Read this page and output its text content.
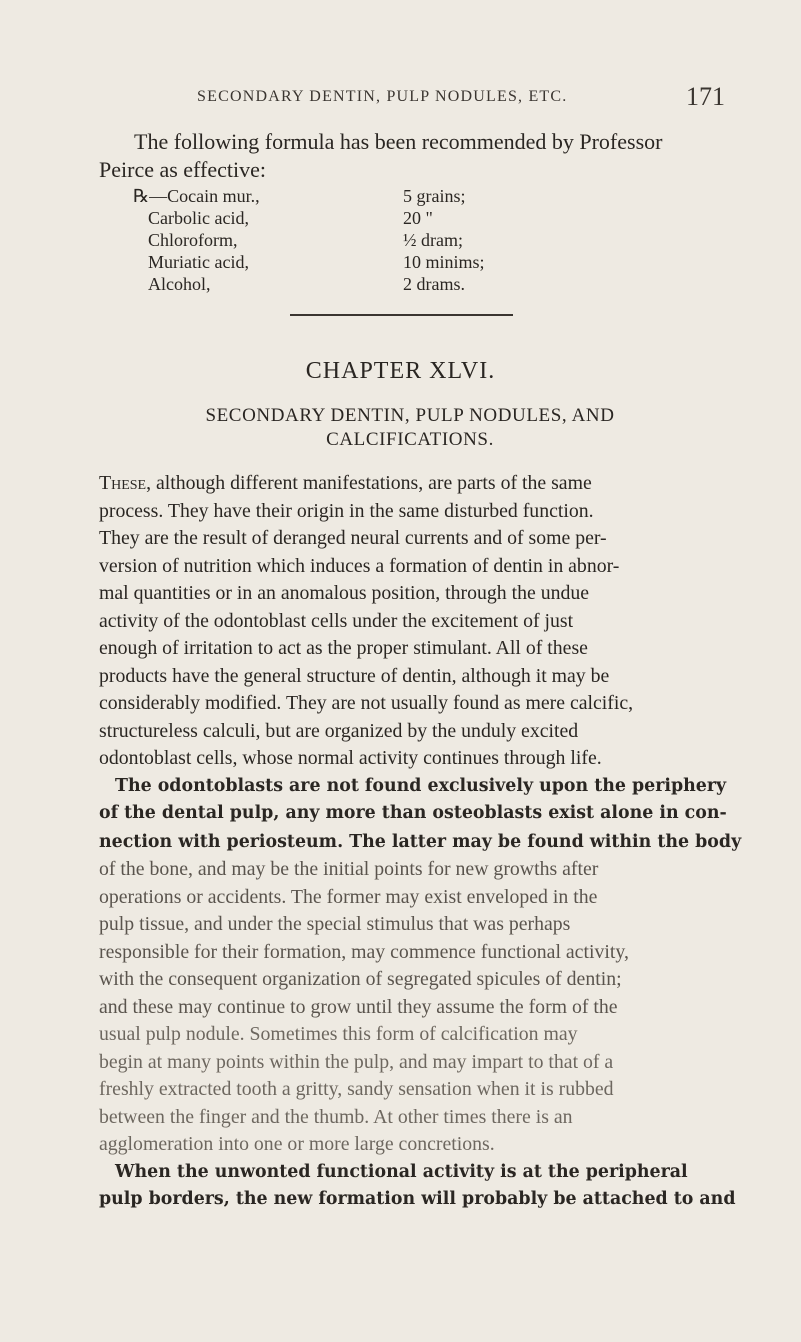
SECONDARY DENTIN, PULP NODULES, ETC.	171
The following formula has been recommended by Professor
Peirce as effective:
℞—Cocain mur.,	5 grains;
Carbolic acid,	20 "
Chloroform,	½ dram;
Muriatic acid,	10 minims;
Alcohol,	2 drams.
CHAPTER XLVI.
SECONDARY DENTIN, PULP NODULES, AND
CALCIFICATIONS.
These, although different manifestations, are parts of the same
process. They have their origin in the same disturbed function.
They are the result of deranged neural currents and of some per-
version of nutrition which induces a formation of dentin in abnor-
mal quantities or in an anomalous position, through the undue
activity of the odontoblast cells under the excitement of just
enough of irritation to act as the proper stimulant. All of these
products have the general structure of dentin, although it may be
considerably modified. They are not usually found as mere calcific,
structureless calculi, but are organized by the unduly excited
odontoblast cells, whose normal activity continues through life.
The odontoblasts are not found exclusively upon the periphery
of the dental pulp, any more than osteoblasts exist alone in con-
nection with periosteum. The latter may be found within the body
of the bone, and may be the initial points for new growths after
operations or accidents. The former may exist enveloped in the
pulp tissue, and under the special stimulus that was perhaps
responsible for their formation, may commence functional activity,
with the consequent organization of segregated spicules of dentin;
and these may continue to grow until they assume the form of the
usual pulp nodule. Sometimes this form of calcification may
begin at many points within the pulp, and may impart to that of a
freshly extracted tooth a gritty, sandy sensation when it is rubbed
between the finger and the thumb. At other times there is an
agglomeration into one or more large concretions.
When the unwonted functional activity is at the peripheral
pulp borders, the new formation will probably be attached to and
